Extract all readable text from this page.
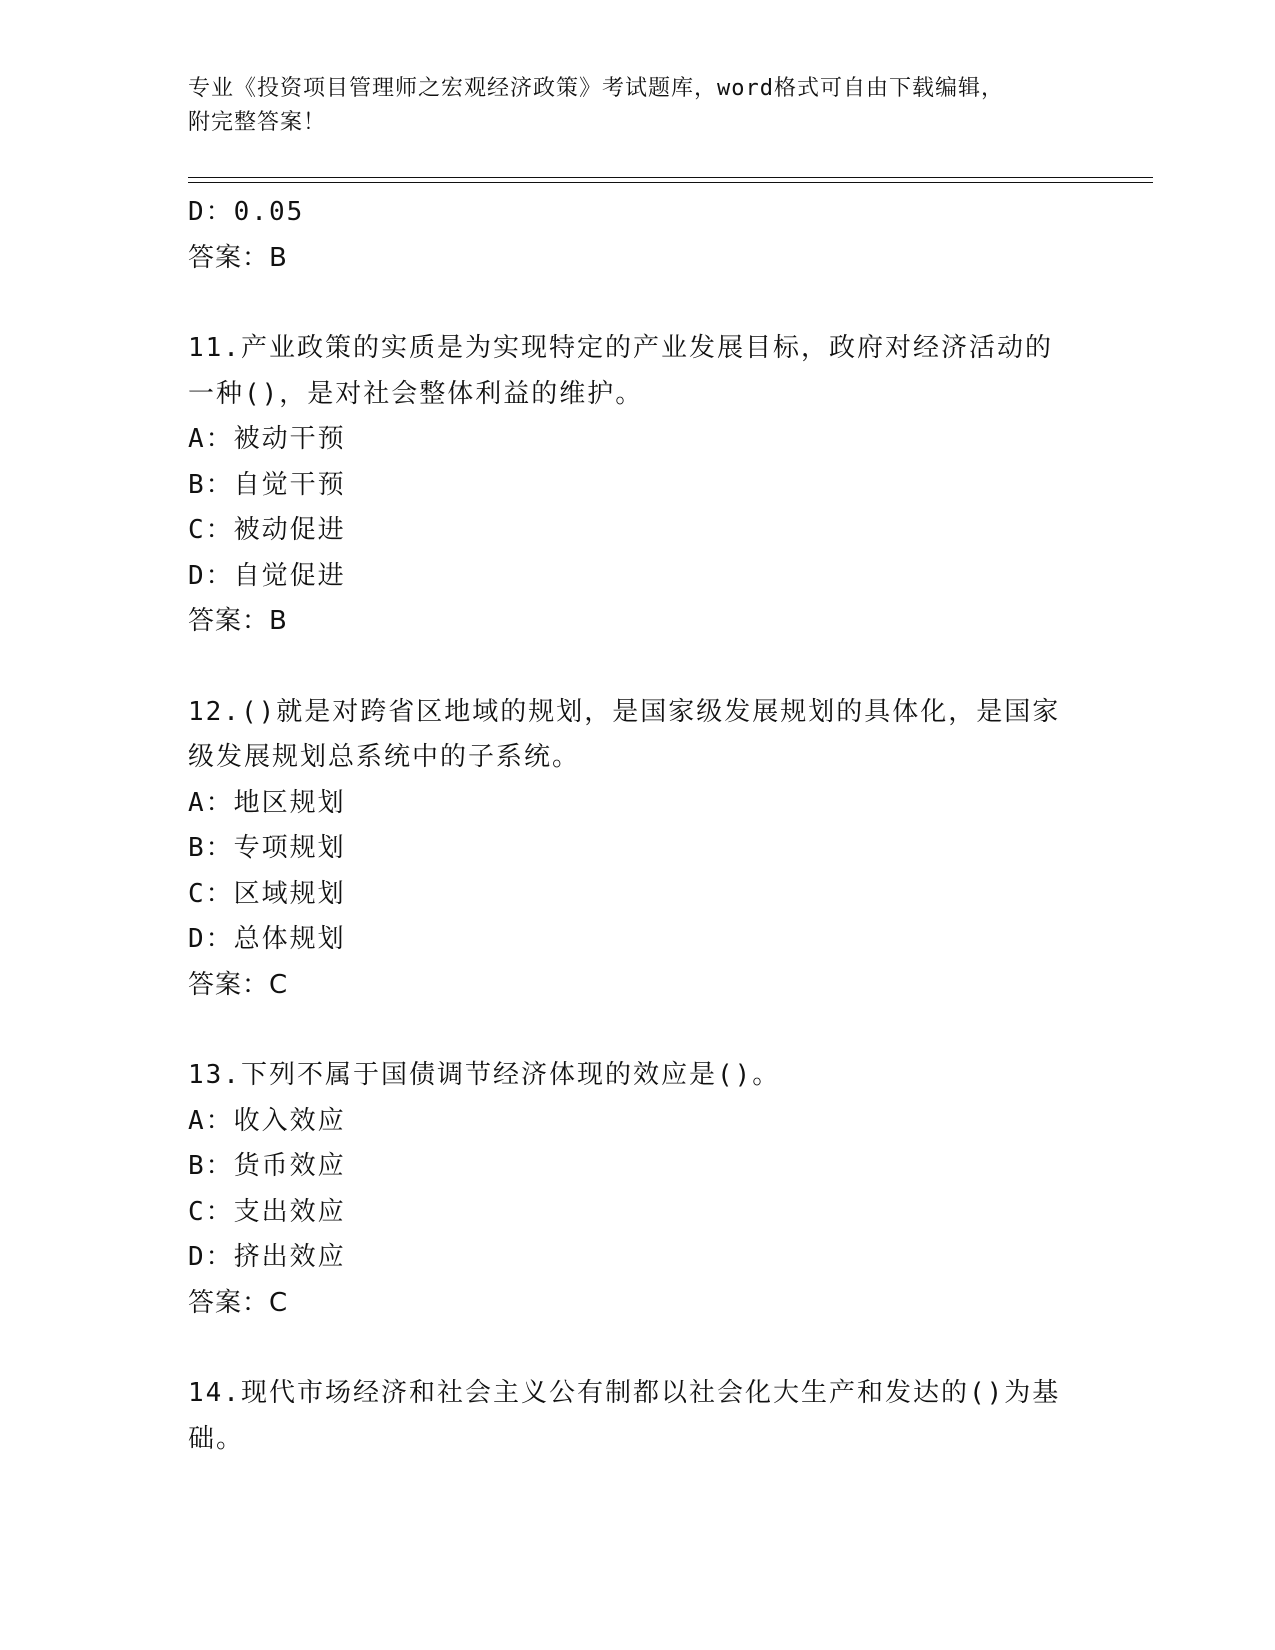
专业《投资项目管理师之宏观经济政策》考试题库，word格式可自由下载编辑，
附完整答案！
D：0.05
答案：B
11.产业政策的实质是为实现特定的产业发展目标，政府对经济活动的
一种()，是对社会整体利益的维护。
A：被动干预
B：自觉干预
C：被动促进
D：自觉促进
答案：B
12.()就是对跨省区地域的规划，是国家级发展规划的具体化，是国家
级发展规划总系统中的子系统。
A：地区规划
B：专项规划
C：区域规划
D：总体规划
答案：C
13.下列不属于国债调节经济体现的效应是()。
A：收入效应
B：货币效应
C：支出效应
D：挤出效应
答案：C
14.现代市场经济和社会主义公有制都以社会化大生产和发达的()为基
础。
